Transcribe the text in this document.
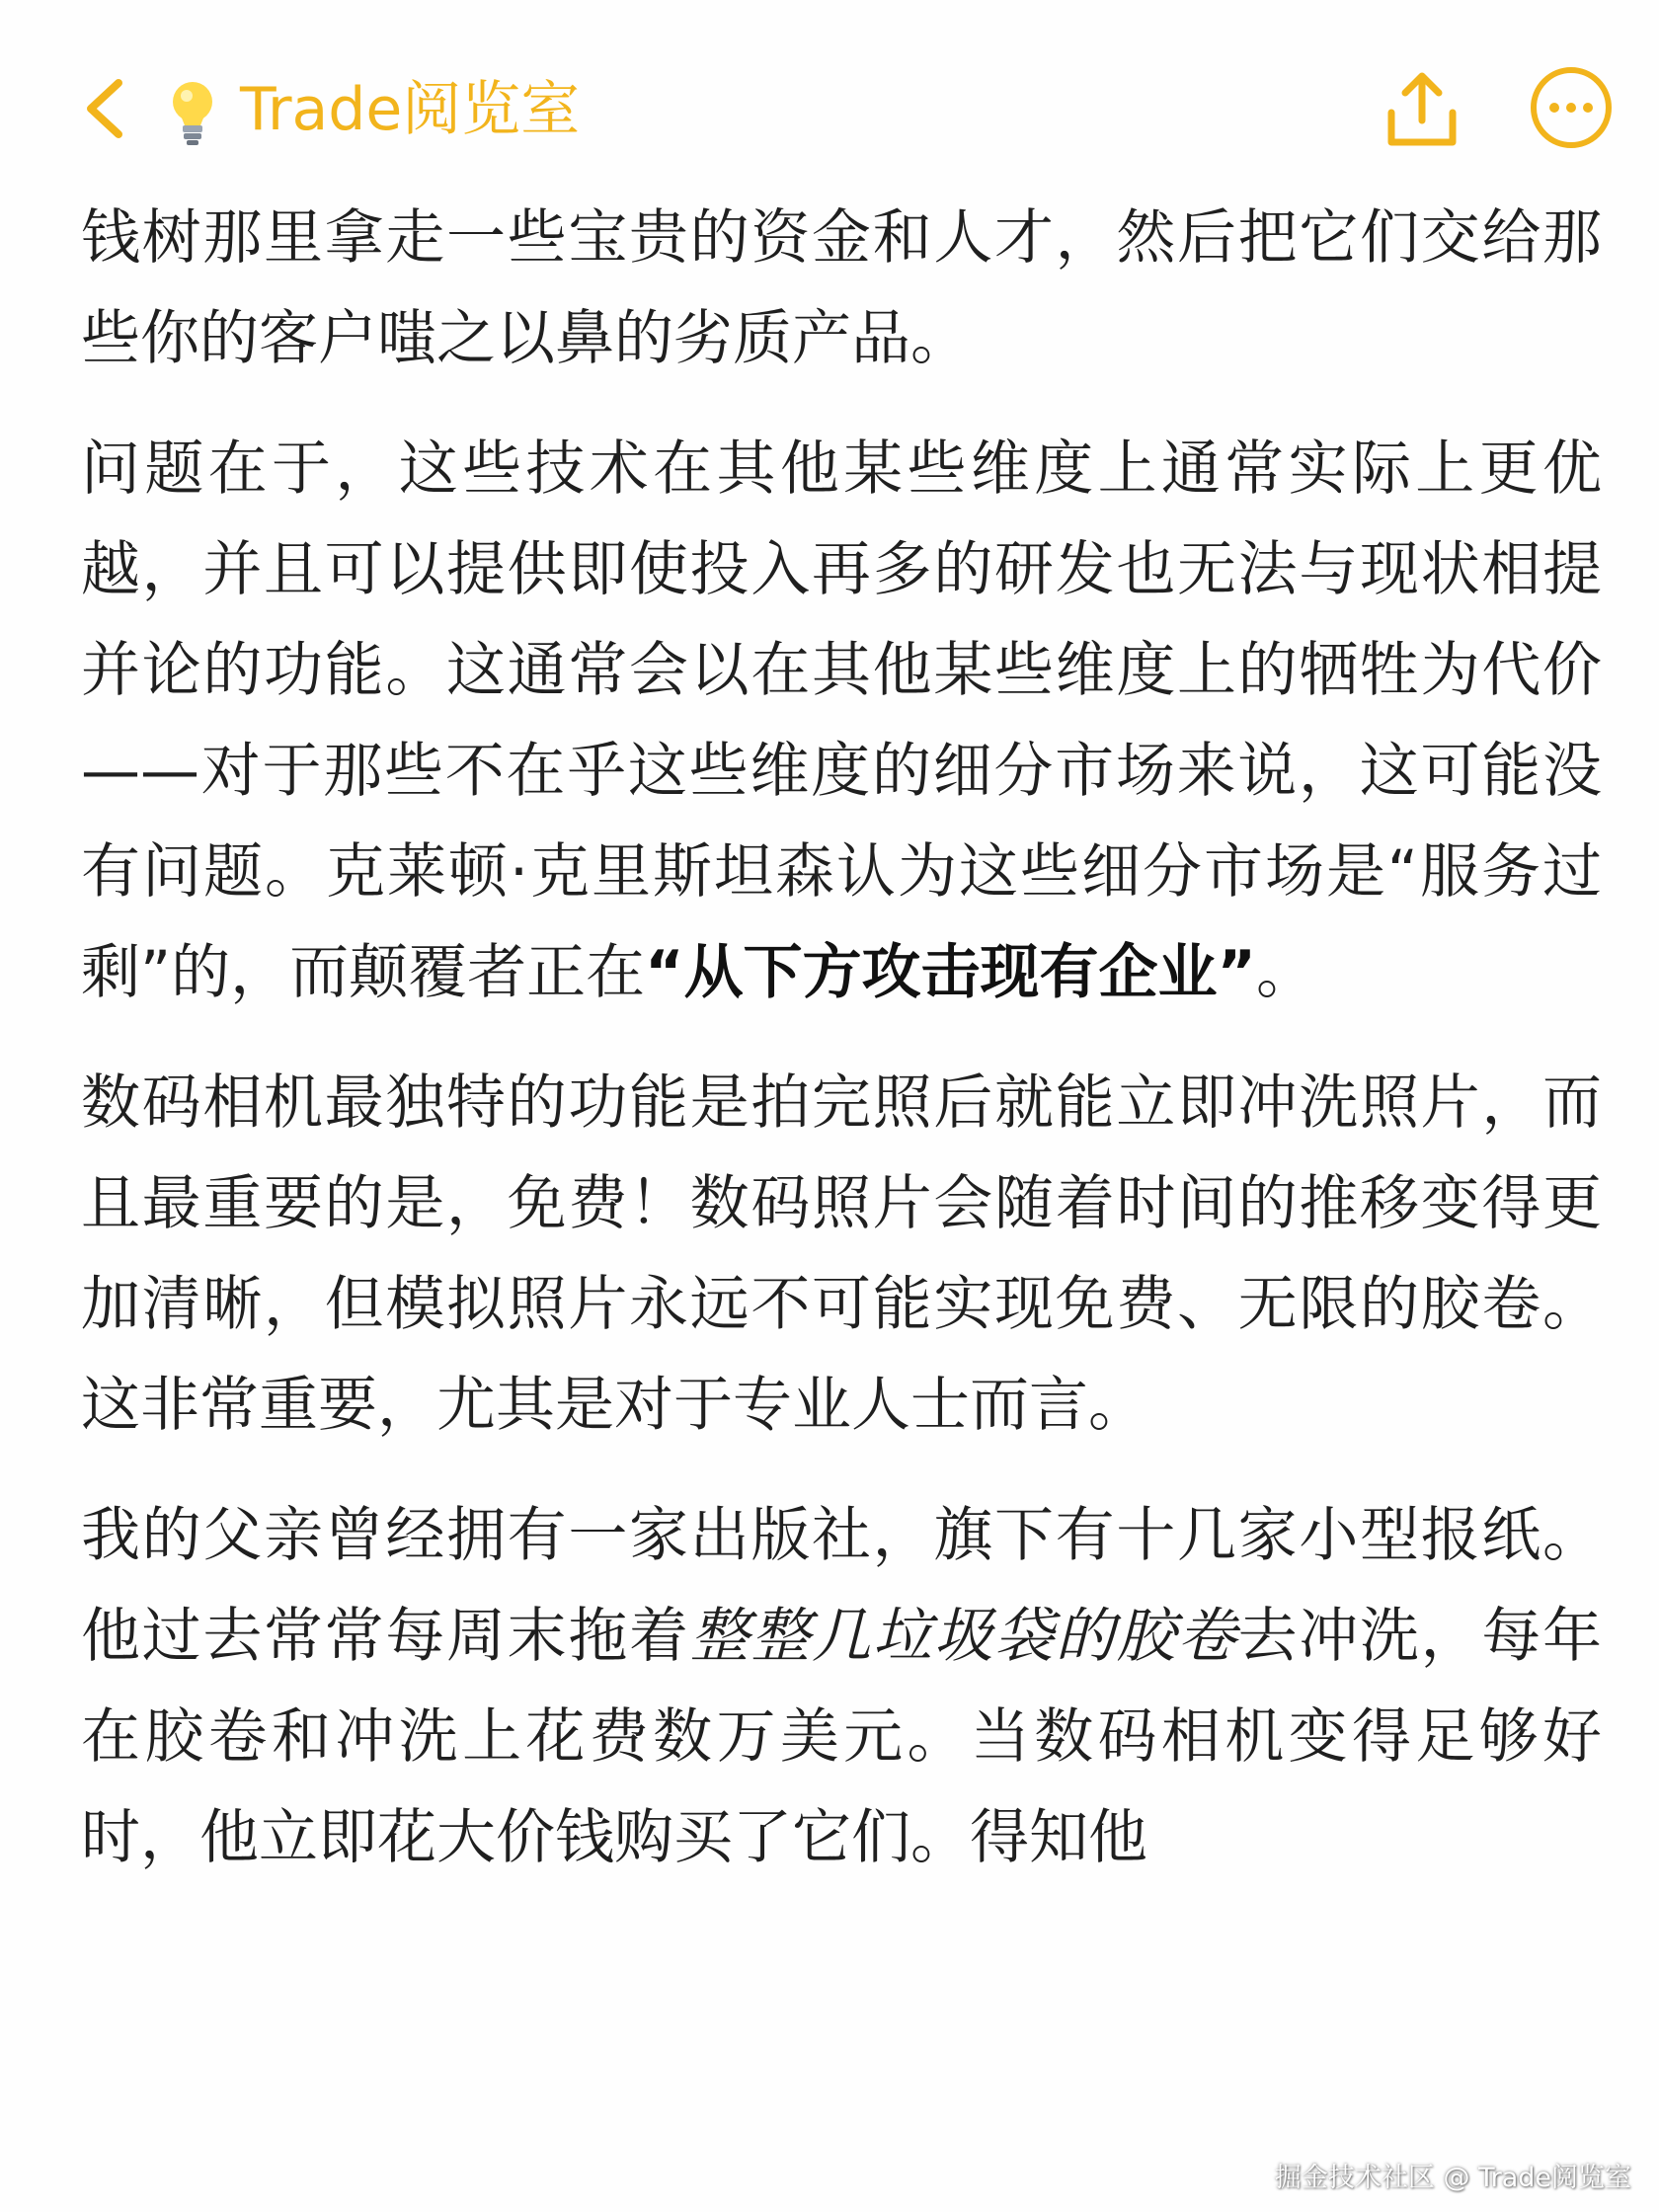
Trade阅览室

钱树那里拿走一些宝贵的资金和人才，然后把它们交给那些你的客户嗤之以鼻的劣质产品。

问题在于，这些技术在其他某些维度上通常实际上更优越，并且可以提供即使投入再多的研发也无法与现状相提并论的功能。这通常会以在其他某些维度上的牺牲为代价——对于那些不在乎这些维度的细分市场来说，这可能没有问题。克莱顿·克里斯坦森认为这些细分市场是“服务过剩”的，而颠覆者正在“从下方攻击现有企业”。

数码相机最独特的功能是拍完照后就能立即冲洗照片，而且最重要的是，免费！数码照片会随着时间的推移变得更加清晰，但模拟照片永远不可能实现免费、无限的胶卷。这非常重要，尤其是对于专业人士而言。

我的父亲曾经拥有一家出版社，旗下有十几家小型报纸。他过去常常每周末拖着整整几垃圾袋的胶卷去冲洗，每年在胶卷和冲洗上花费数万美元。当数码相机变得足够好时，他立即花大价钱购买了它们。得知他

掘金技术社区 @ Trade阅览室
